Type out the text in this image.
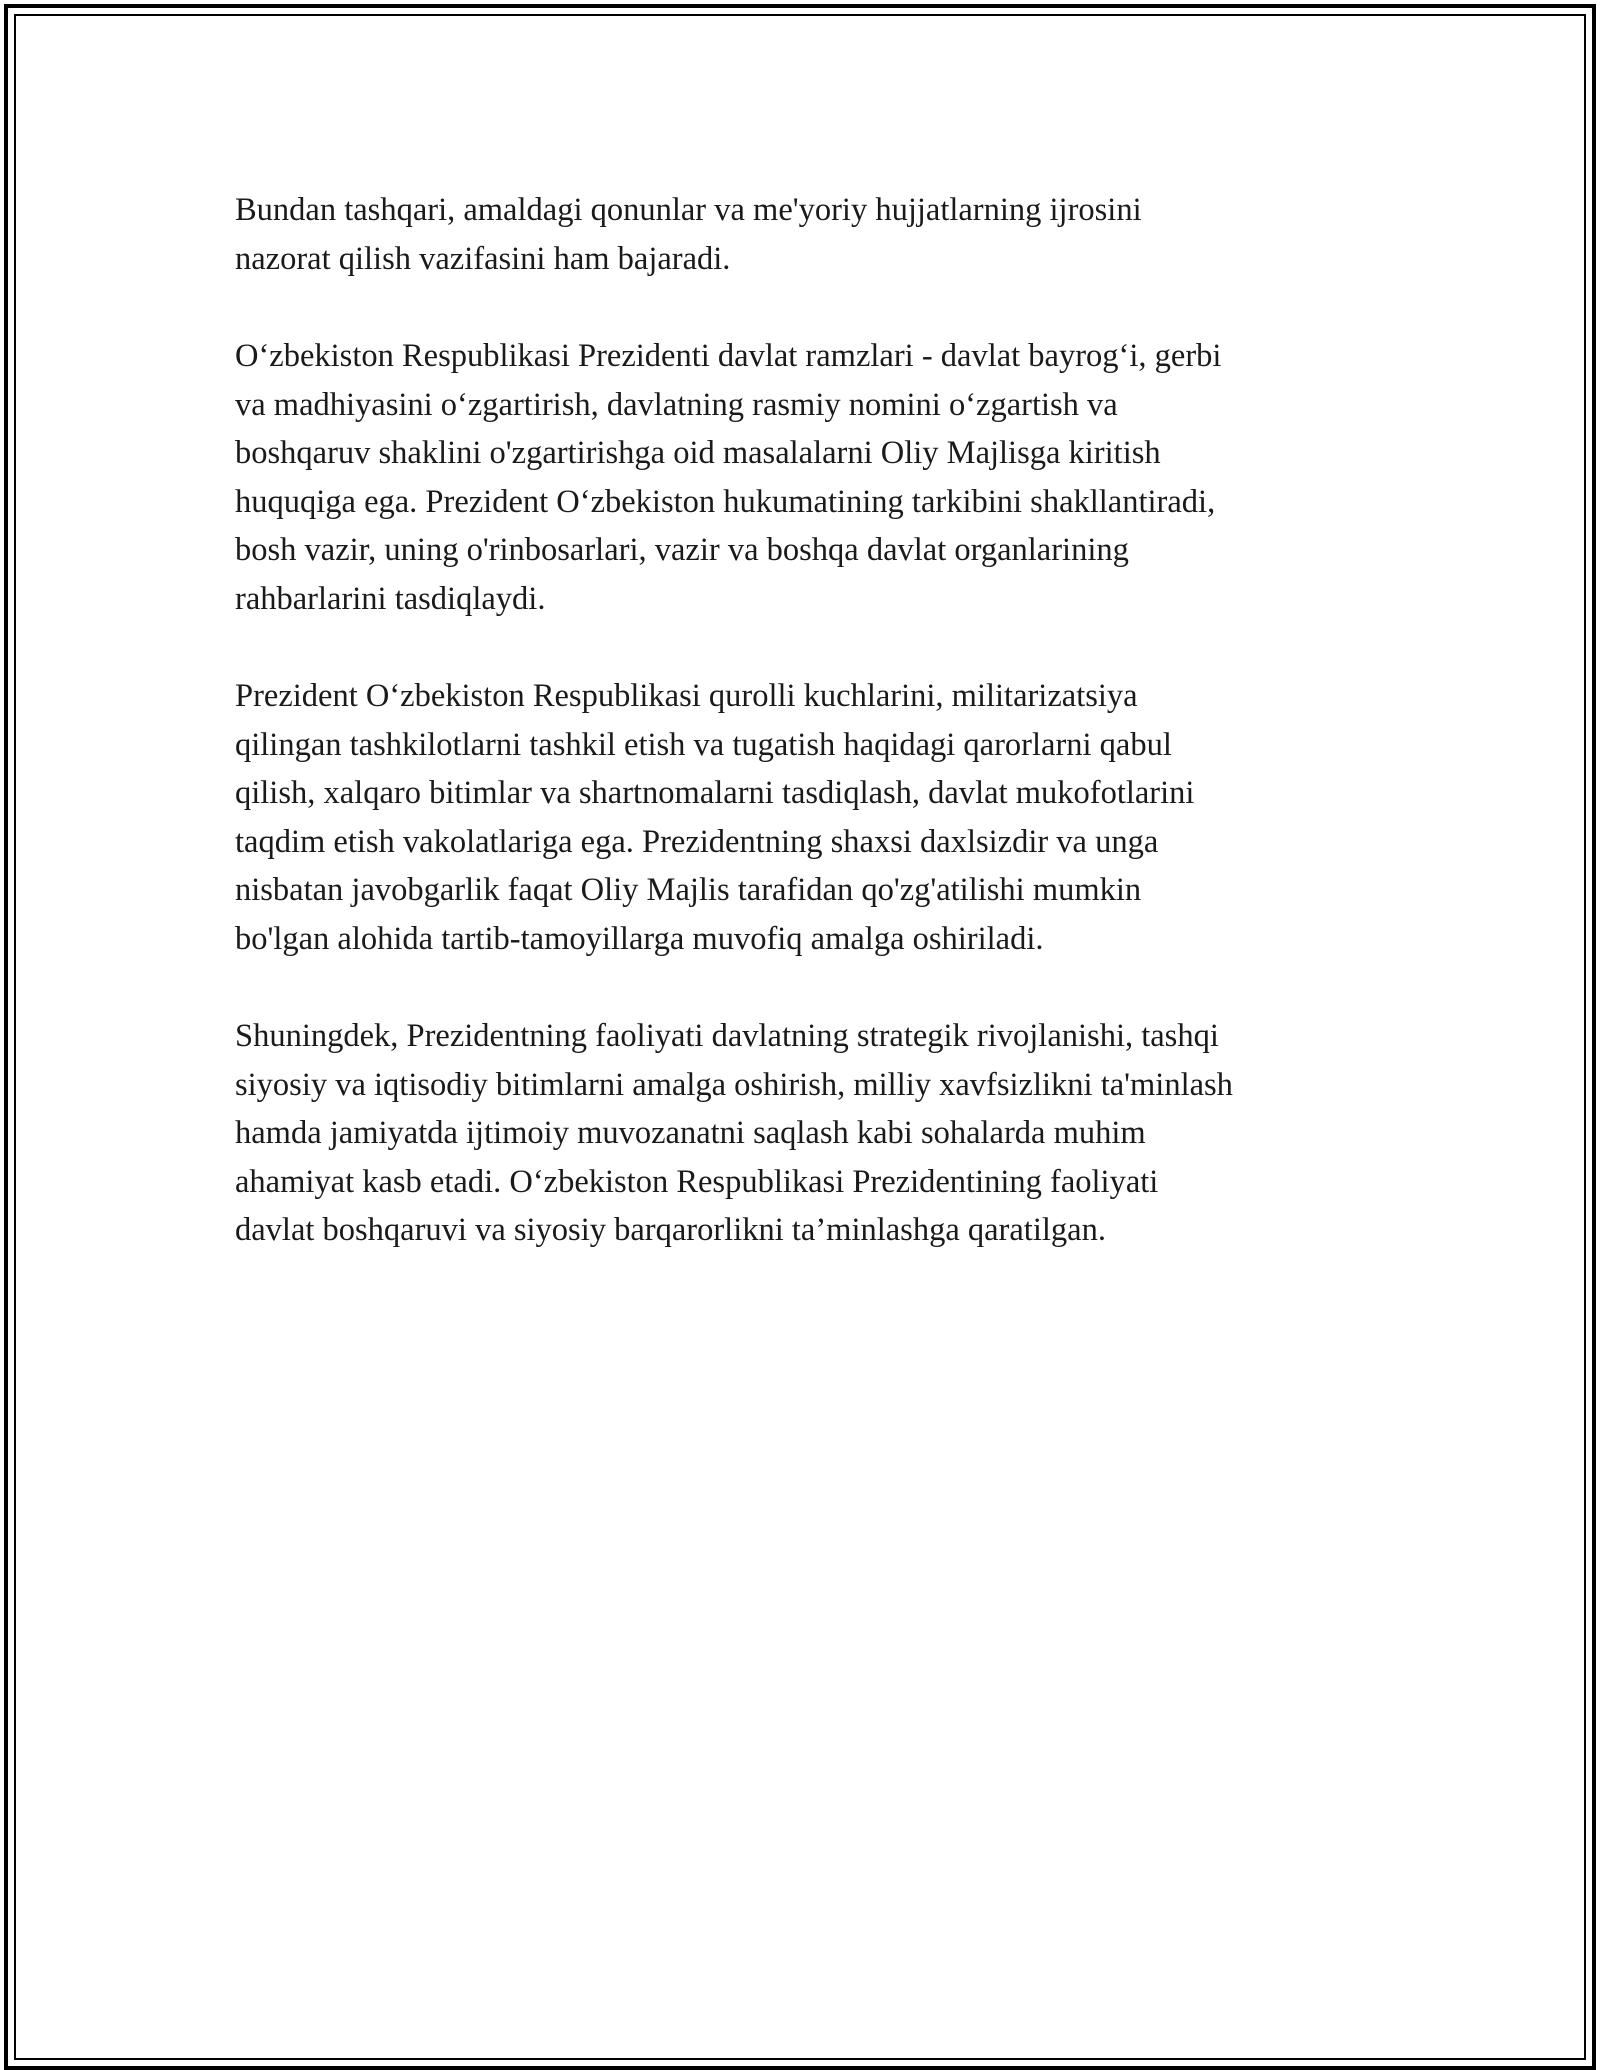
Bundan tashqari, amaldagi qonunlar va me'yoriy hujjatlarning ijrosini
nazorat qilish vazifasini ham bajaradi.

O‘zbekiston Respublikasi Prezidenti davlat ramzlari - davlat bayrog‘i, gerbi
va madhiyasini o‘zgartirish, davlatning rasmiy nomini o‘zgartish va
boshqaruv shaklini o'zgartirishga oid masalalarni Oliy Majlisga kiritish
huquqiga ega. Prezident O‘zbekiston hukumatining tarkibini shakllantiradi,
bosh vazir, uning o'rinbosarlari, vazir va boshqa davlat organlarining
rahbarlarini tasdiqlaydi.

Prezident O‘zbekiston Respublikasi qurolli kuchlarini, militarizatsiya
qilingan tashkilotlarni tashkil etish va tugatish haqidagi qarorlarni qabul
qilish, xalqaro bitimlar va shartnomalarni tasdiqlash, davlat mukofotlarini
taqdim etish vakolatlariga ega. Prezidentning shaxsi daxlsizdir va unga
nisbatan javobgarlik faqat Oliy Majlis tarafidan qo'zg'atilishi mumkin
bo'lgan alohida tartib-tamoyillarga muvofiq amalga oshiriladi.

Shuningdek, Prezidentning faoliyati davlatning strategik rivojlanishi, tashqi
siyosiy va iqtisodiy bitimlarni amalga oshirish, milliy xavfsizlikni ta'minlash
hamda jamiyatda ijtimoiy muvozanatni saqlash kabi sohalarda muhim
ahamiyat kasb etadi. O‘zbekiston Respublikasi Prezidentining faoliyati
davlat boshqaruvi va siyosiy barqarorlikni ta’minlashga qaratilgan.
